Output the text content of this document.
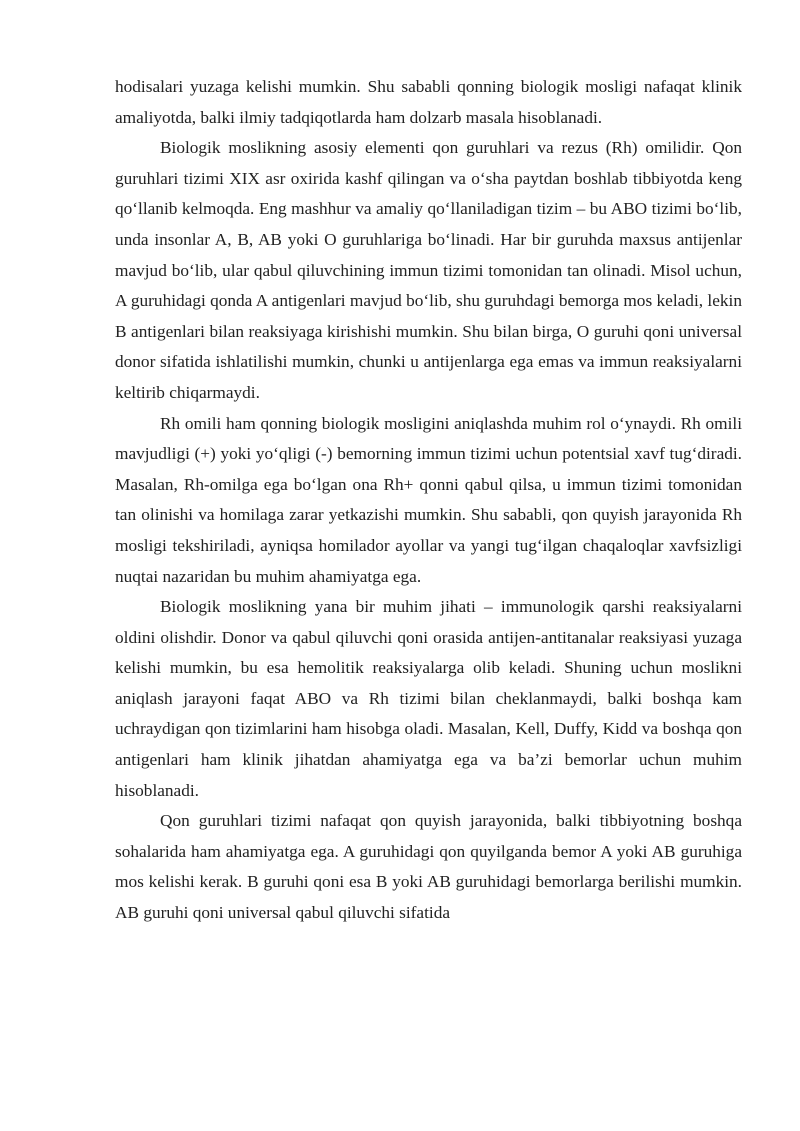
hodisalari yuzaga kelishi mumkin. Shu sababli qonning biologik mosligi nafaqat klinik amaliyotda, balki ilmiy tadqiqotlarda ham dolzarb masala hisoblanadi.

Biologik moslikning asosiy elementi qon guruhlari va rezus (Rh) omilidir. Qon guruhlari tizimi XIX asr oxirida kashf qilingan va o‘sha paytdan boshlab tibbiyotda keng qo‘llanib kelmoqda. Eng mashhur va amaliy qo‘llaniladigan tizim – bu ABO tizimi bo‘lib, unda insonlar A, B, AB yoki O guruhlariga bo‘linadi. Har bir guruhda maxsus antijenlar mavjud bo‘lib, ular qabul qiluvchining immun tizimi tomonidan tan olinadi. Misol uchun, A guruhidagi qonda A antigenlari mavjud bo‘lib, shu guruhdagi bemorga mos keladi, lekin B antigenlari bilan reaksiyaga kirishishi mumkin. Shu bilan birga, O guruhi qoni universal donor sifatida ishlatilishi mumkin, chunki u antijenlarga ega emas va immun reaksiyalarni keltirib chiqarmaydi.

Rh omili ham qonning biologik mosligini aniqlashda muhim rol o‘ynaydi. Rh omili mavjudligi (+) yoki yo‘qligi (-) bemorning immun tizimi uchun potentsial xavf tug‘diradi. Masalan, Rh-omilga ega bo‘lgan ona Rh+ qonni qabul qilsa, u immun tizimi tomonidan tan olinishi va homilaga zarar yetkazishi mumkin. Shu sababli, qon quyish jarayonida Rh mosligi tekshiriladi, ayniqsa homilador ayollar va yangi tug‘ilgan chaqaloqlar xavfsizligi nuqtai nazaridan bu muhim ahamiyatga ega.

Biologik moslikning yana bir muhim jihati – immunologik qarshi reaksiyalarni oldini olishdir. Donor va qabul qiluvchi qoni orasida antijen-antitanalar reaksiyasi yuzaga kelishi mumkin, bu esa hemolitik reaksiyalarga olib keladi. Shuning uchun moslikni aniqlash jarayoni faqat ABO va Rh tizimi bilan cheklanmaydi, balki boshqa kam uchraydigan qon tizimlarini ham hisobga oladi. Masalan, Kell, Duffy, Kidd va boshqa qon antigenlari ham klinik jihatdan ahamiyatga ega va ba’zi bemorlar uchun muhim hisoblanadi.

Qon guruhlari tizimi nafaqat qon quyish jarayonida, balki tibbiyotning boshqa sohalarida ham ahamiyatga ega. A guruhidagi qon quyilganda bemor A yoki AB guruhiga mos kelishi kerak. B guruhi qoni esa B yoki AB guruhidagi bemorlarga berilishi mumkin. AB guruhi qoni universal qabul qiluvchi sifatida
